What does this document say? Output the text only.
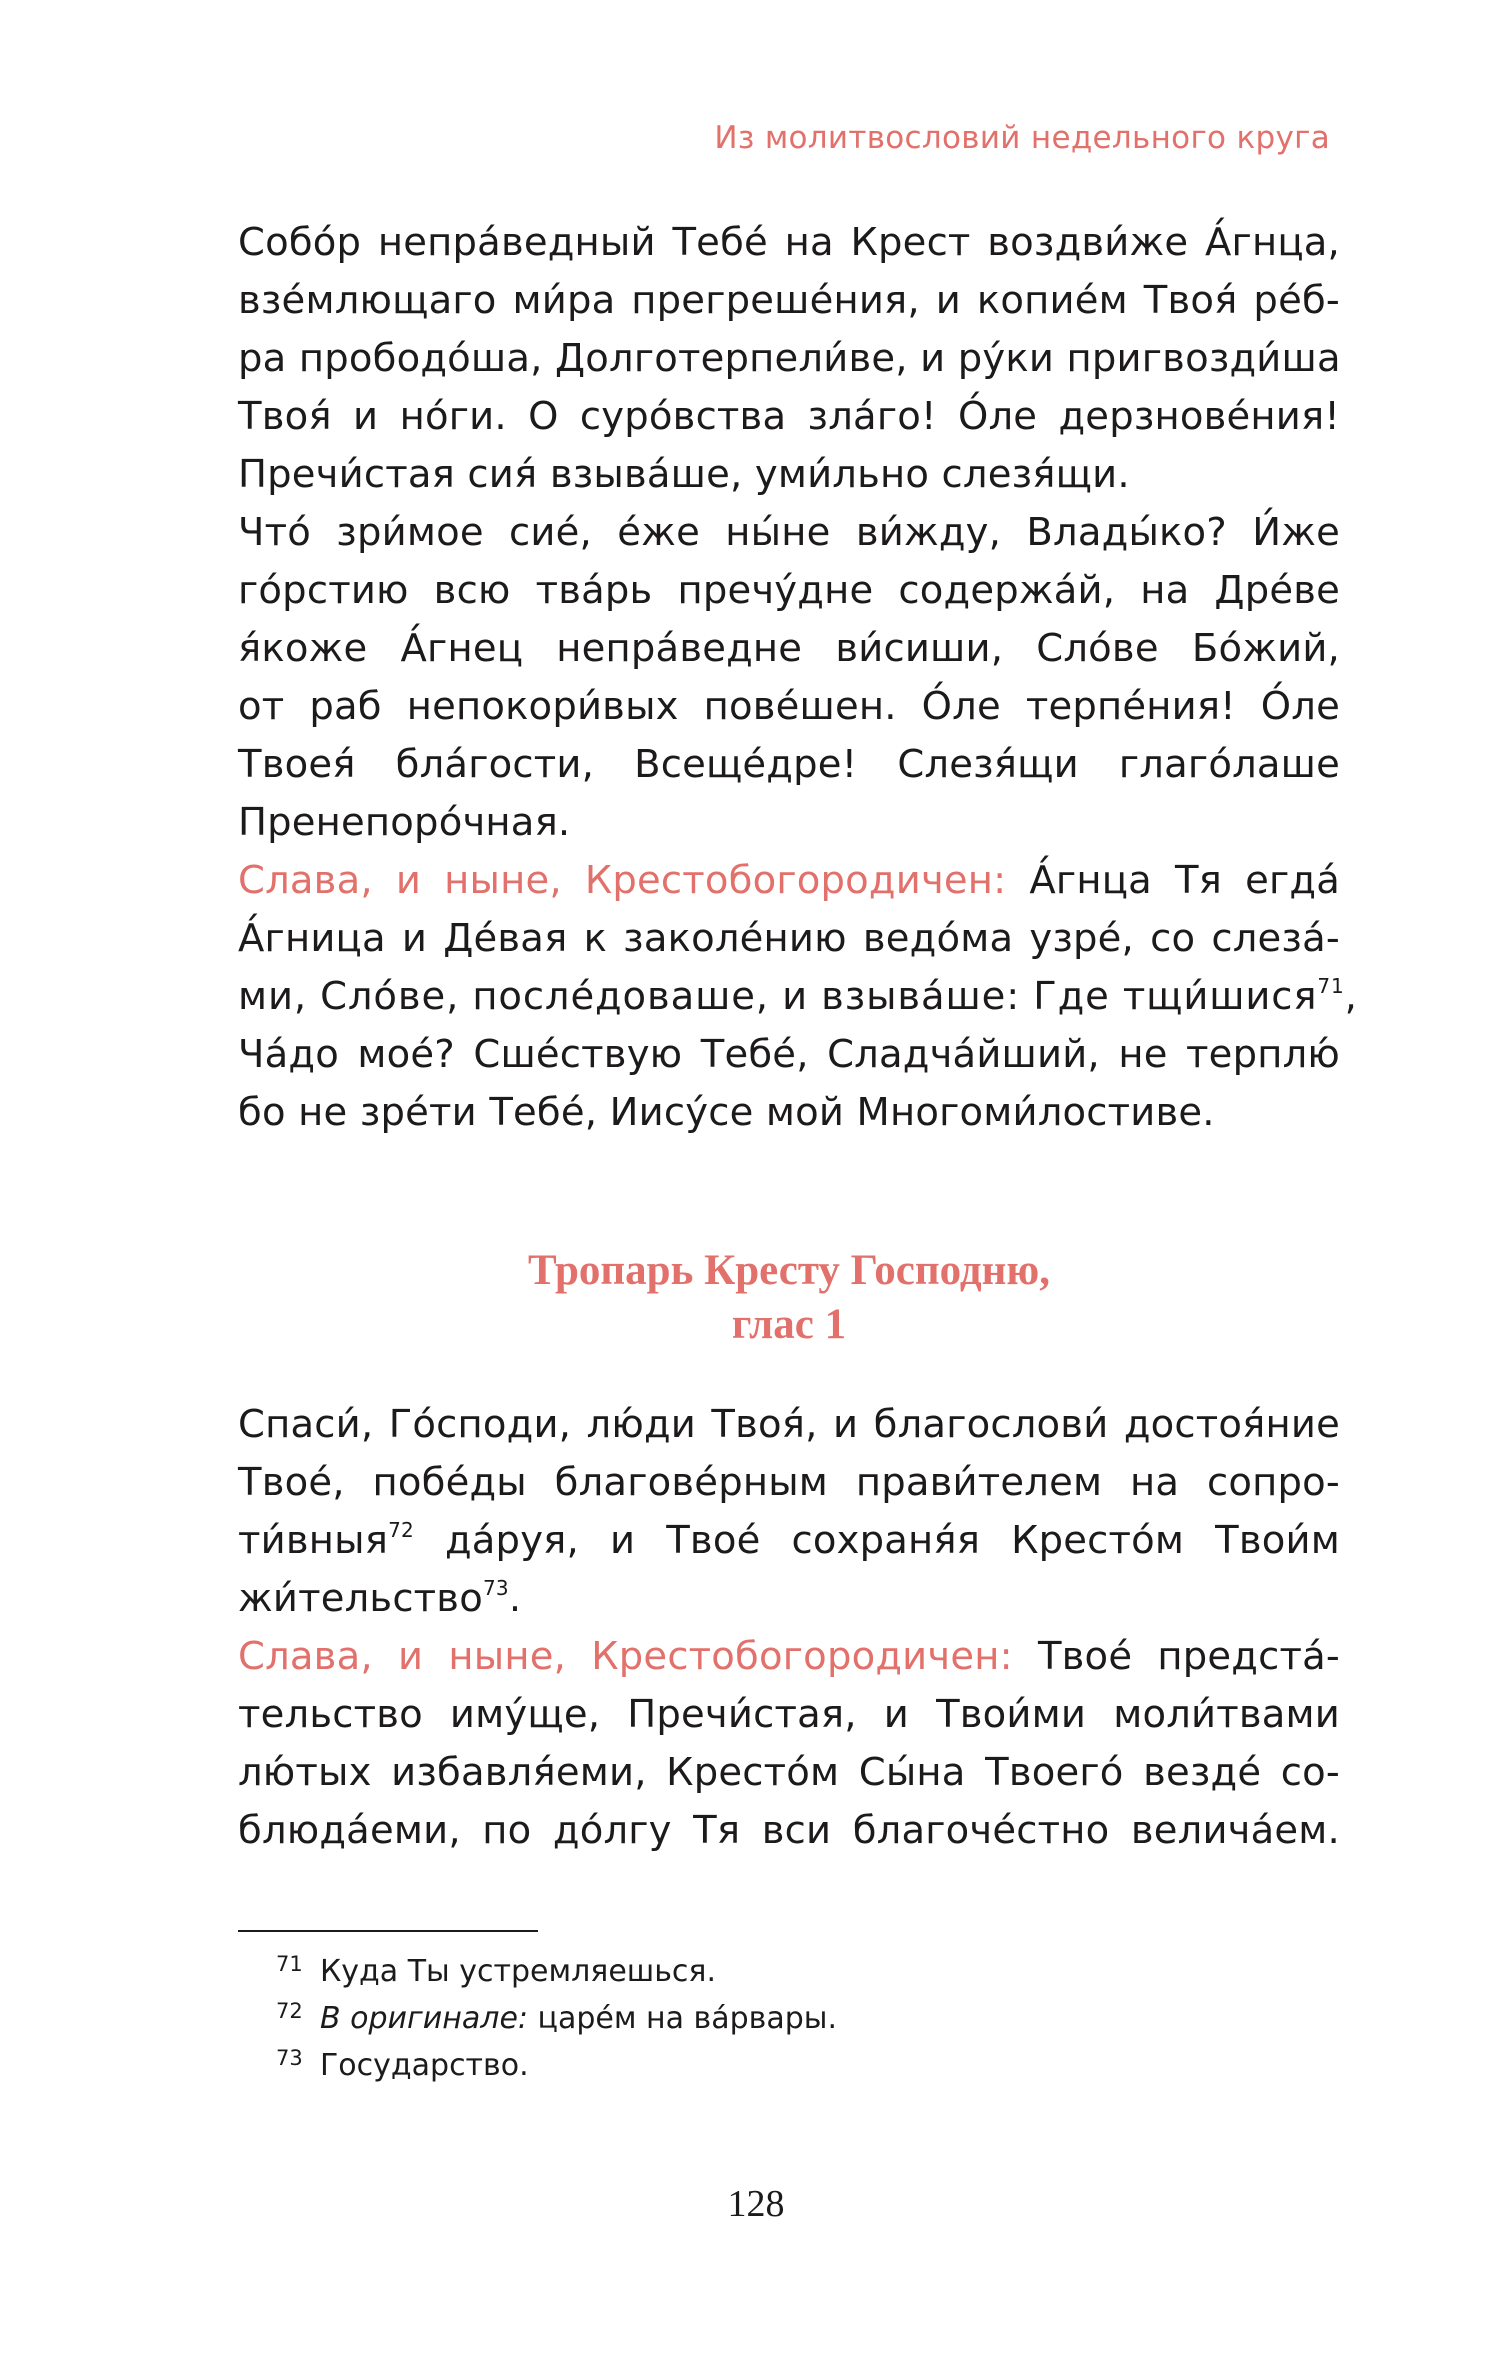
Из молитвословий недельного круга
Собо́р непра́ведный Тебе́ на Крест воздви́же А́гнца,
взе́млющаго ми́ра прегреше́ния, и копие́м Твоя́ ре́б-
ра прободо́ша, Долготерпели́ве, и ру́ки пригвозди́ша
Твоя́ и но́ги. О суро́вства зла́го! О́ле дерзнове́ния!
Пречи́стая сия́ взыва́ше, уми́льно слезя́щи.
Что́ зри́мое сие́, е́же ны́не ви́жду, Влады́ко? И́же
го́рстию всю тва́рь пречу́дне содержа́й, на Дре́ве
я́коже А́гнец непра́ведне ви́сиши, Сло́ве Бо́жий,
от раб непокори́вых пове́шен. О́ле терпе́ния! О́ле
Твоея́ бла́гости, Всеще́дре! Слезя́щи глаго́лаше
Пренепоро́чная.
Слава, и ныне, Крестобогородичен: А́гнца Тя егда́
А́гница и Де́вая к заколе́нию ведо́ма узре́, со слеза́-
ми, Сло́ве, после́доваше, и взыва́ше: Где тщи́шися$^{71}$,
Ча́до мое́? Сше́ствую Тебе́, Сладча́йший, не терплю́
бо не зре́ти Тебе́, Иису́се мой Многоми́лостиве.
Тропарь Кресту Господню,
глас 1
Спаси́, Го́споди, лю́ди Твоя́, и благослови́ достоя́ние
Твое́, побе́ды благове́рным прави́телем на сопро-
ти́вныя$^{72}$ да́руя, и Твое́ сохраня́я Кресто́м Твои́м
жи́тельство$^{73}$.
Слава, и ныне, Крестобогородичен: Твое́ предста́-
тельство иму́ще, Пречи́стая, и Твои́ми моли́твами
лю́тых избавля́еми, Кресто́м Сы́на Твоего́ везде́ со-
блюда́еми, по до́лгу Тя вси благоче́стно велича́ем.
71 Куда Ты устремляешься.
72 В оригинале: царе́м на ва́рвары.
73 Государство.
128
